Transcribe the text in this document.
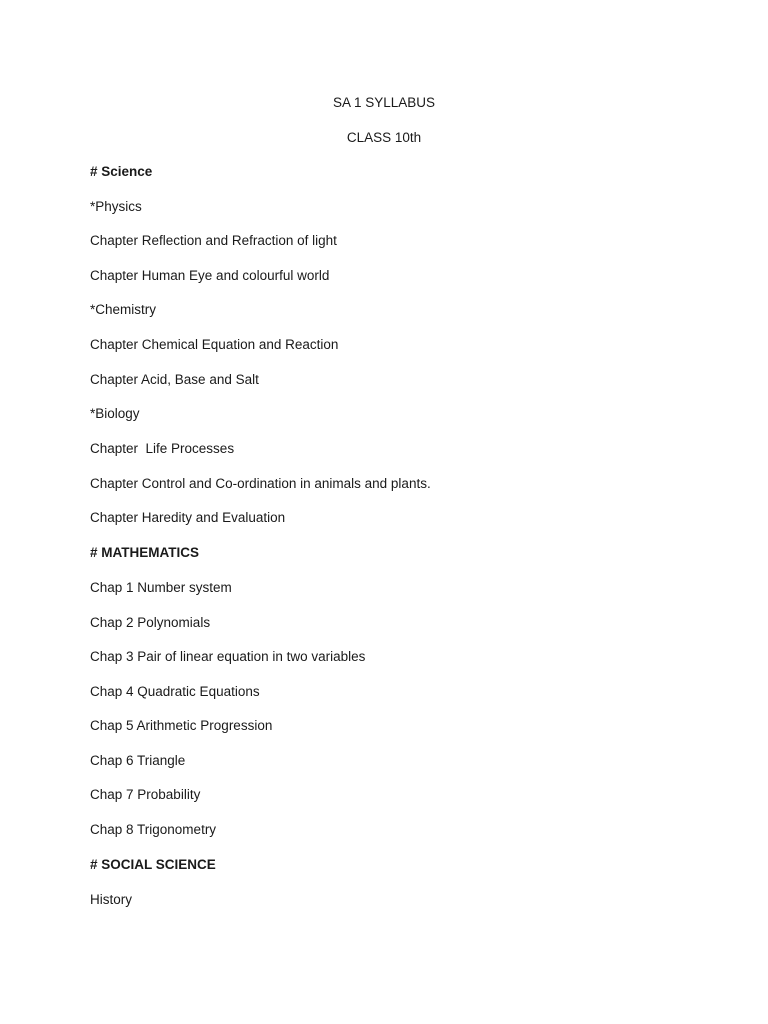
SA 1 SYLLABUS
CLASS 10th
# Science
*Physics
Chapter Reflection and Refraction of light
Chapter Human Eye and colourful world
*Chemistry
Chapter Chemical Equation and Reaction
Chapter Acid, Base and Salt
*Biology
Chapter  Life Processes
Chapter Control and Co-ordination in animals and plants.
Chapter Haredity and Evaluation
# MATHEMATICS
Chap 1 Number system
Chap 2 Polynomials
Chap 3 Pair of linear equation in two variables
Chap 4 Quadratic Equations
Chap 5 Arithmetic Progression
Chap 6 Triangle
Chap 7 Probability
Chap 8 Trigonometry
# SOCIAL SCIENCE
History
